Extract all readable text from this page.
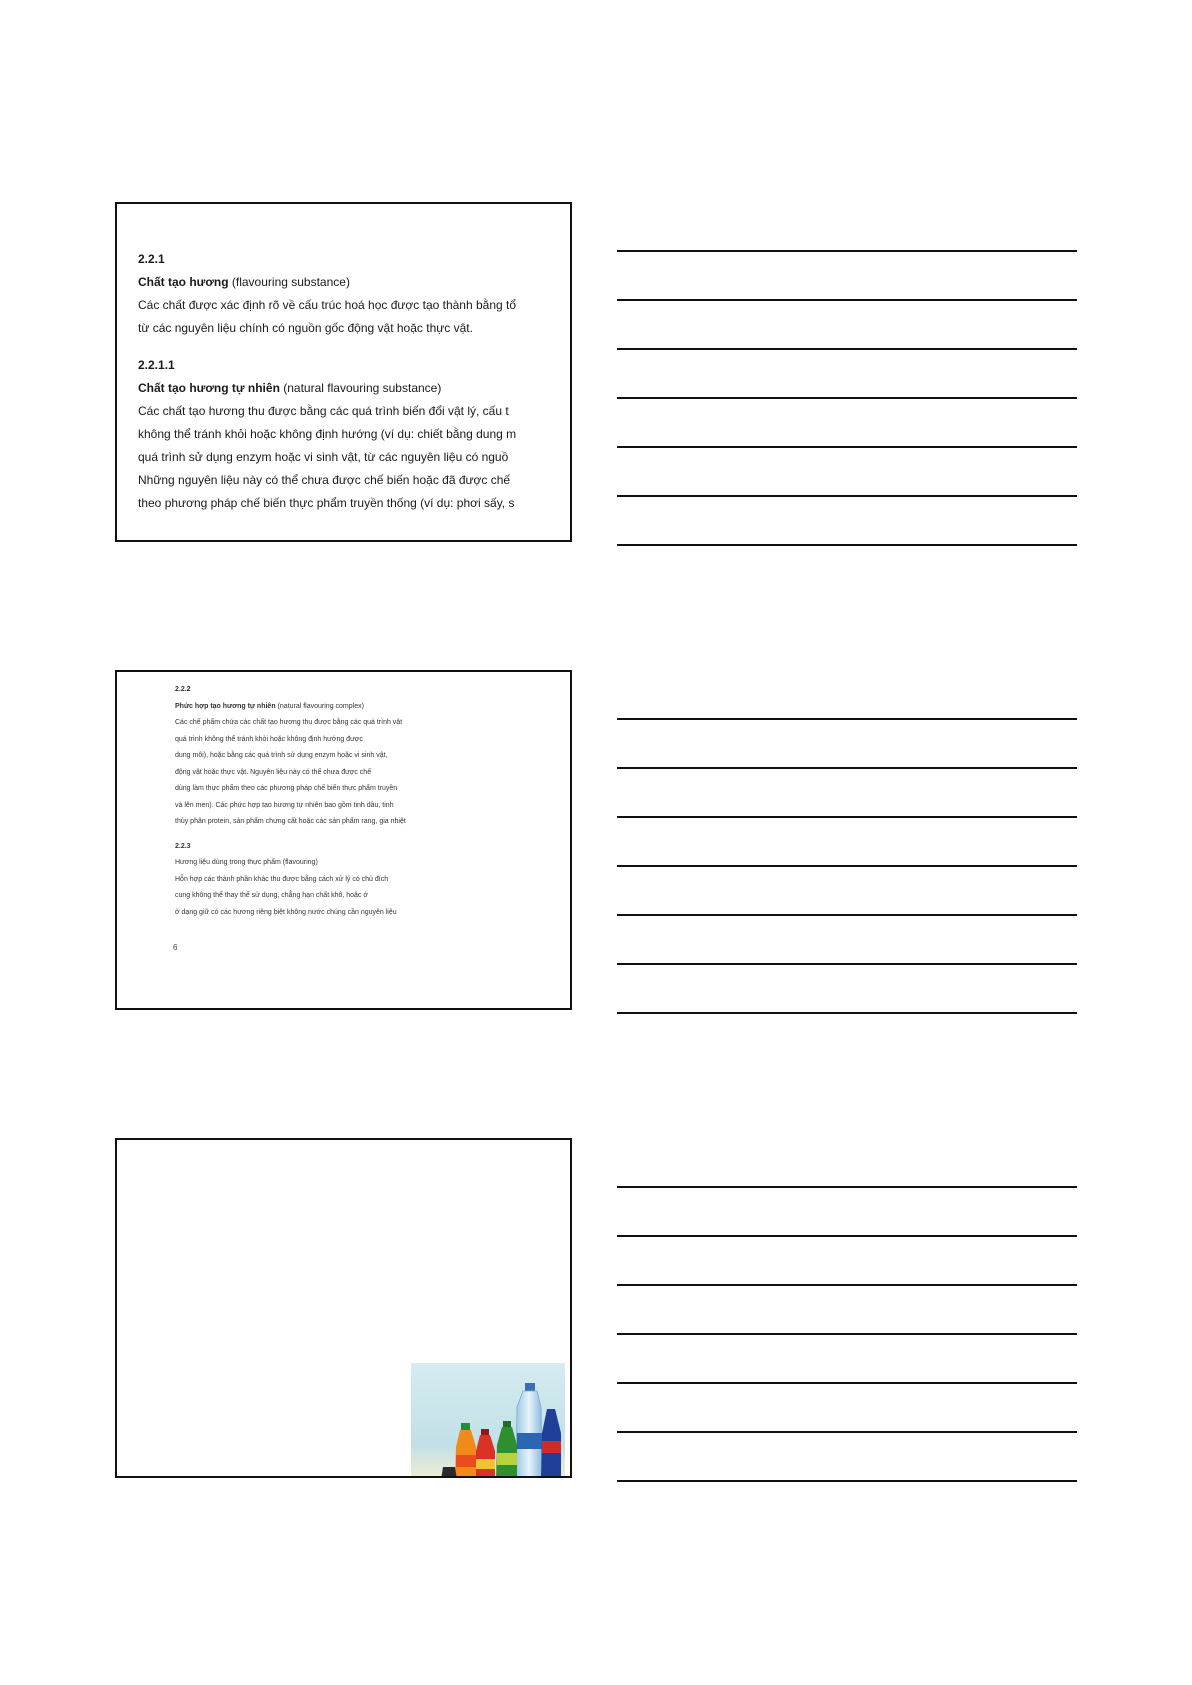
2.2.1

Chất tạo hương (flavouring substance)

Các chất được xác định rõ về cấu trúc hoá học được tạo thành bằng tổ

từ các nguyên liệu chính có nguồn gốc động vật hoặc thực vật.

2.2.1.1

Chất tạo hương tự nhiên (natural flavouring substance)

Các chất tạo hương thu được bằng các quá trình biến đổi vật lý, cấu t

không thể tránh khỏi hoặc không định hướng (ví dụ: chiết bằng dung m

quá trình sử dụng enzym hoặc vi sinh vật, từ các nguyên liệu có nguồ

Những nguyên liệu này có thể chưa được chế biến hoặc đã được chế

theo phương pháp chế biến thực phẩm truyền thống (ví dụ: phơi sấy, s

2.2.2

Phức hợp tạo hương tự nhiên (natural flavouring complex)

Các chế phẩm chứa các chất tạo hương thu được bằng các quá trình vật

quá trình không thể tránh khỏi hoặc không định hướng được

dung môi), hoặc bằng các quá trình sử dụng enzym hoặc vi sinh vật,

động vật hoặc thực vật. Nguyên liệu này có thể chưa được chế

dùng làm thực phẩm theo các phương pháp chế biến thực phẩm truyền

và lên men). Các phức hợp tạo hương tự nhiên bao gồm tinh dầu, tinh

thủy phân protein, sản phẩm chưng cất hoặc các sản phẩm rang, gia nhiệt

2.2.3

Hương liệu dùng trong thực phẩm (flavouring)

Hỗn hợp các thành phần khác thu được bằng cách xử lý có chủ đích

cung không thể thay thế sử dụng, chẳng hạn chất khô, hoặc ở

ở dạng giữ có các hương riêng biệt không nước chúng cần nguyên liệu

6
